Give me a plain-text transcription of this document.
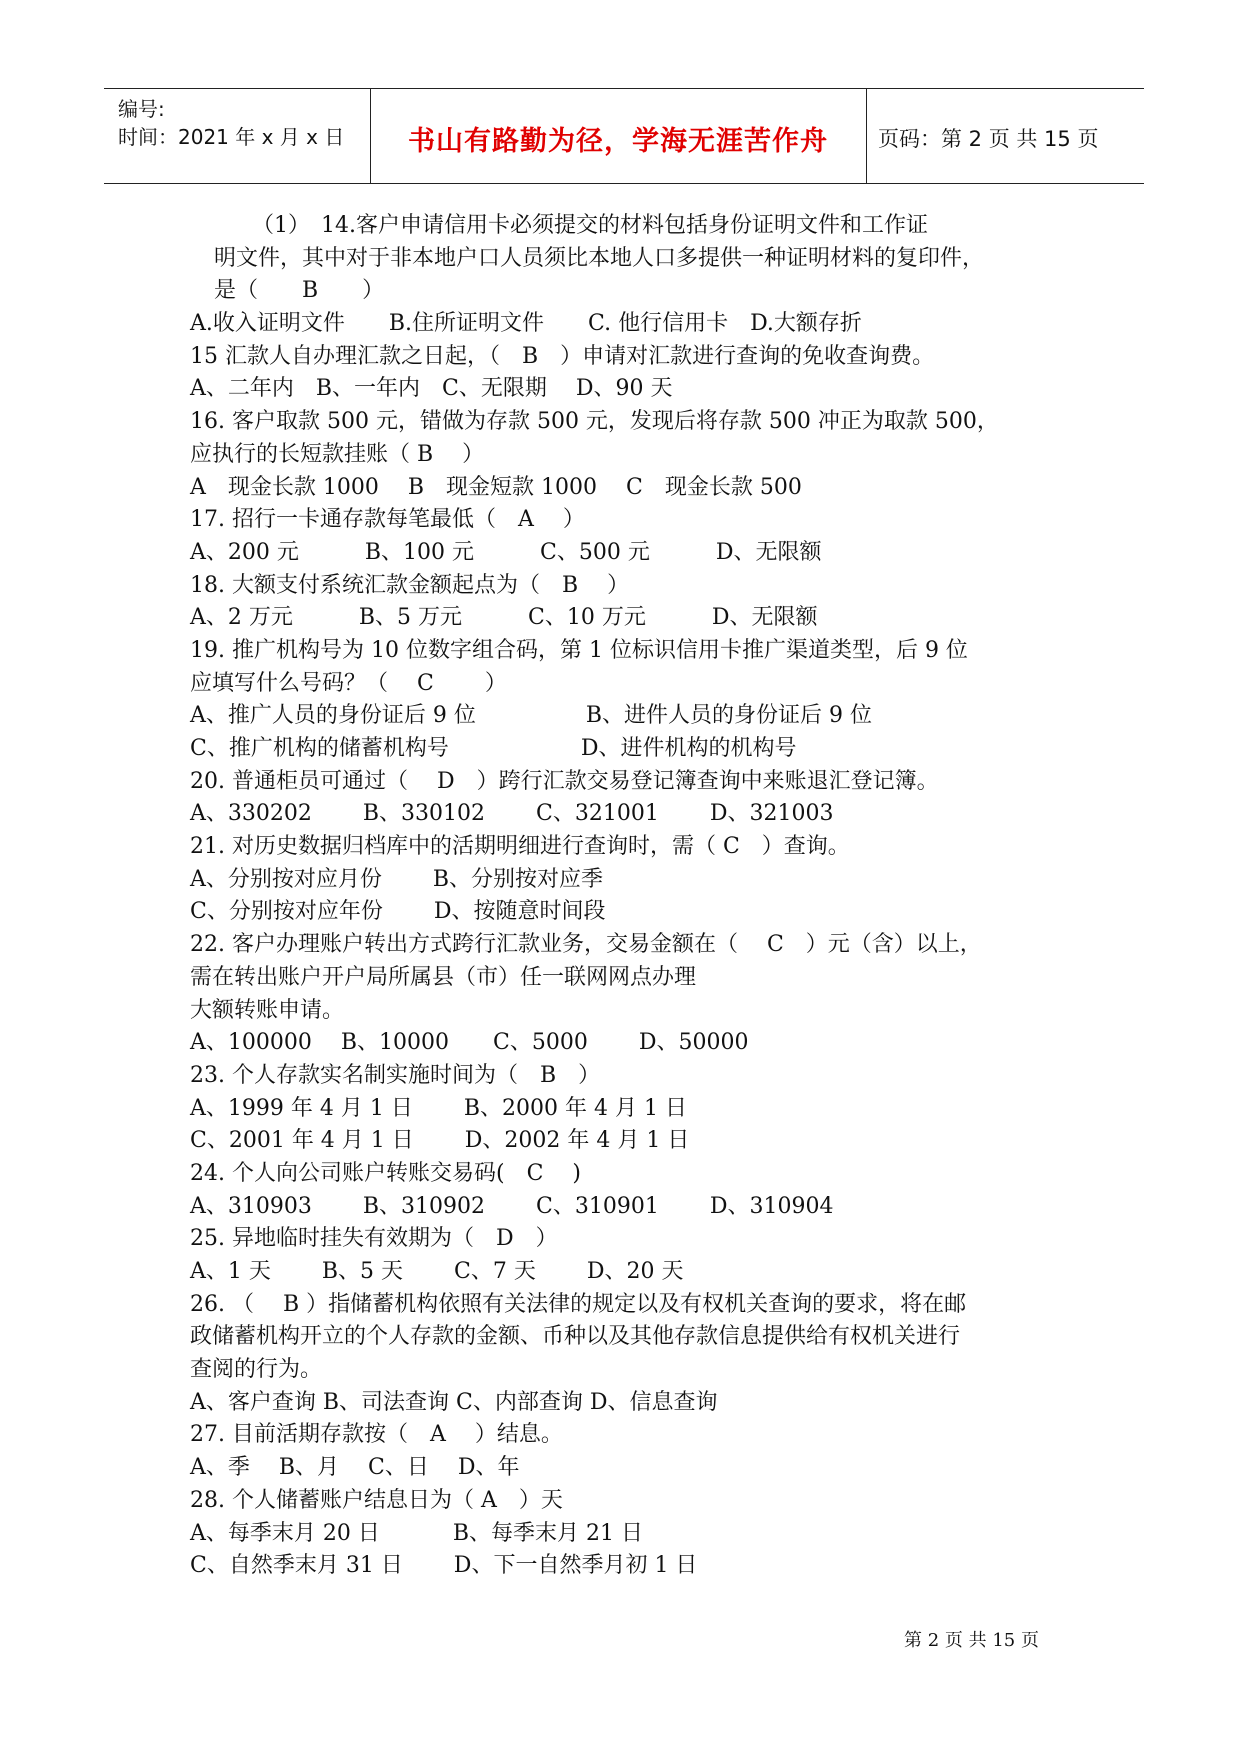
编号:
时间：2021 年 x 月 x 日	书山有路勤为径，学海无涯苦作舟	页码：第 2 页 共 15 页
（1）　14.客户申请信用卡必须提交的材料包括身份证明文件和工作证
明文件，其中对于非本地户口人员须比本地人口多提供一种证明材料的复印件，
是（　　B　　）
A.收入证明文件　　B.住所证明文件　　C. 他行信用卡　D.大额存折
15 汇款人自办理汇款之日起，（　B　）申请对汇款进行查询的免收查询费。
A、二年内　B、一年内　C、无限期　 D、90 天
16. 客户取款 500 元，错做为存款 500 元，发现后将存款 500 冲正为取款 500，
应执行的长短款挂账（ B　 ）
A　现金长款 1000　 B　现金短款 1000　 C　现金长款 500
17. 招行一卡通存款每笔最低（　A　 ）
A、200 元　　　B、100 元　　　C、500 元　　　D、无限额
18. 大额支付系统汇款金额起点为（　B　 ）
A、2 万元　　　B、5 万元　　　C、10 万元　　　D、无限额
19. 推广机构号为 10 位数字组合码，第 1 位标识信用卡推广渠道类型，后 9 位
应填写什么号码？（　 C　　 ）
A、推广人员的身份证后 9 位　　　　　B、进件人员的身份证后 9 位
C、推广机构的储蓄机构号　　　　　　D、进件机构的机构号
20. 普通柜员可通过（　 D　）跨行汇款交易登记簿查询中来账退汇登记簿。
A、330202　　 B、330102　　 C、321001　　 D、321003
21. 对历史数据归档库中的活期明细进行查询时，需（ C　）查询。
A、分别按对应月份　　 B、分别按对应季
C、分别按对应年份　　 D、按随意时间段
22. 客户办理账户转出方式跨行汇款业务，交易金额在（　 C　）元（含）以上，
需在转出账户开户局所属县（市）任一联网网点办理
大额转账申请。
A、100000　 B、10000　　C、5000　　 D、50000
23. 个人存款实名制实施时间为（　B　）
A、1999 年 4 月 1 日　　 B、2000 年 4 月 1 日
C、2001 年 4 月 1 日　　 D、2002 年 4 月 1 日
24. 个人向公司账户转账交易码(　C　 )
A、310903　　 B、310902　　 C、310901　　 D、310904
25. 异地临时挂失有效期为（　D　）
A、1 天　　 B、5 天　　 C、7 天　　 D、20 天
26. （　 B ）指储蓄机构依照有关法律的规定以及有权机关查询的要求，将在邮
政储蓄机构开立的个人存款的金额、币种以及其他存款信息提供给有权机关进行
查阅的行为。
A、客户查询 B、司法查询 C、内部查询 D、信息查询
27. 目前活期存款按（　A　 ）结息。
A、季　 B、月　 C、日　 D、年
28. 个人储蓄账户结息日为（ A　）天
A、每季末月 20 日　　　 B、每季末月 21 日
C、自然季末月 31 日　　 D、下一自然季月初 1 日
第 2 页 共 15 页
